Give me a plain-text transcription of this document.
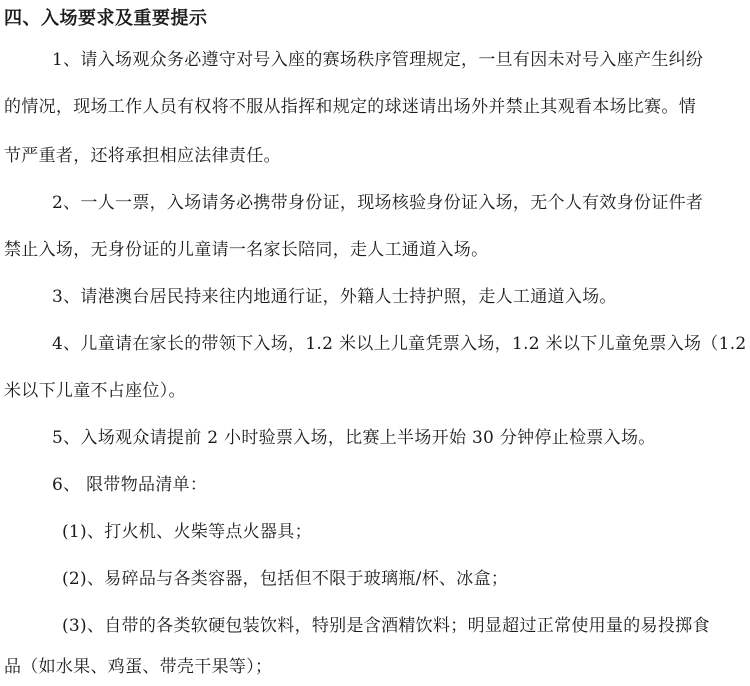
四、入场要求及重要提示
1、请入场观众务必遵守对号入座的赛场秩序管理规定，一旦有因未对号入座产生纠纷
的情况，现场工作人员有权将不服从指挥和规定的球迷请出场外并禁止其观看本场比赛。情
节严重者，还将承担相应法律责任。
2、一人一票，入场请务必携带身份证，现场核验身份证入场，无个人有效身份证件者
禁止入场，无身份证的儿童请一名家长陪同，走人工通道入场。
3、请港澳台居民持来往内地通行证，外籍人士持护照，走人工通道入场。
4、儿童请在家长的带领下入场，1.2 米以上儿童凭票入场，1.2 米以下儿童免票入场（1.2
米以下儿童不占座位）。
5、入场观众请提前 2 小时验票入场，比赛上半场开始 30 分钟停止检票入场。
6、 限带物品清单：
(1)、打火机、火柴等点火器具；
(2)、易碎品与各类容器，包括但不限于玻璃瓶/杯、冰盒；
(3)、自带的各类软硬包装饮料，特别是含酒精饮料；明显超过正常使用量的易投掷食
品（如水果、鸡蛋、带壳干果等）；
